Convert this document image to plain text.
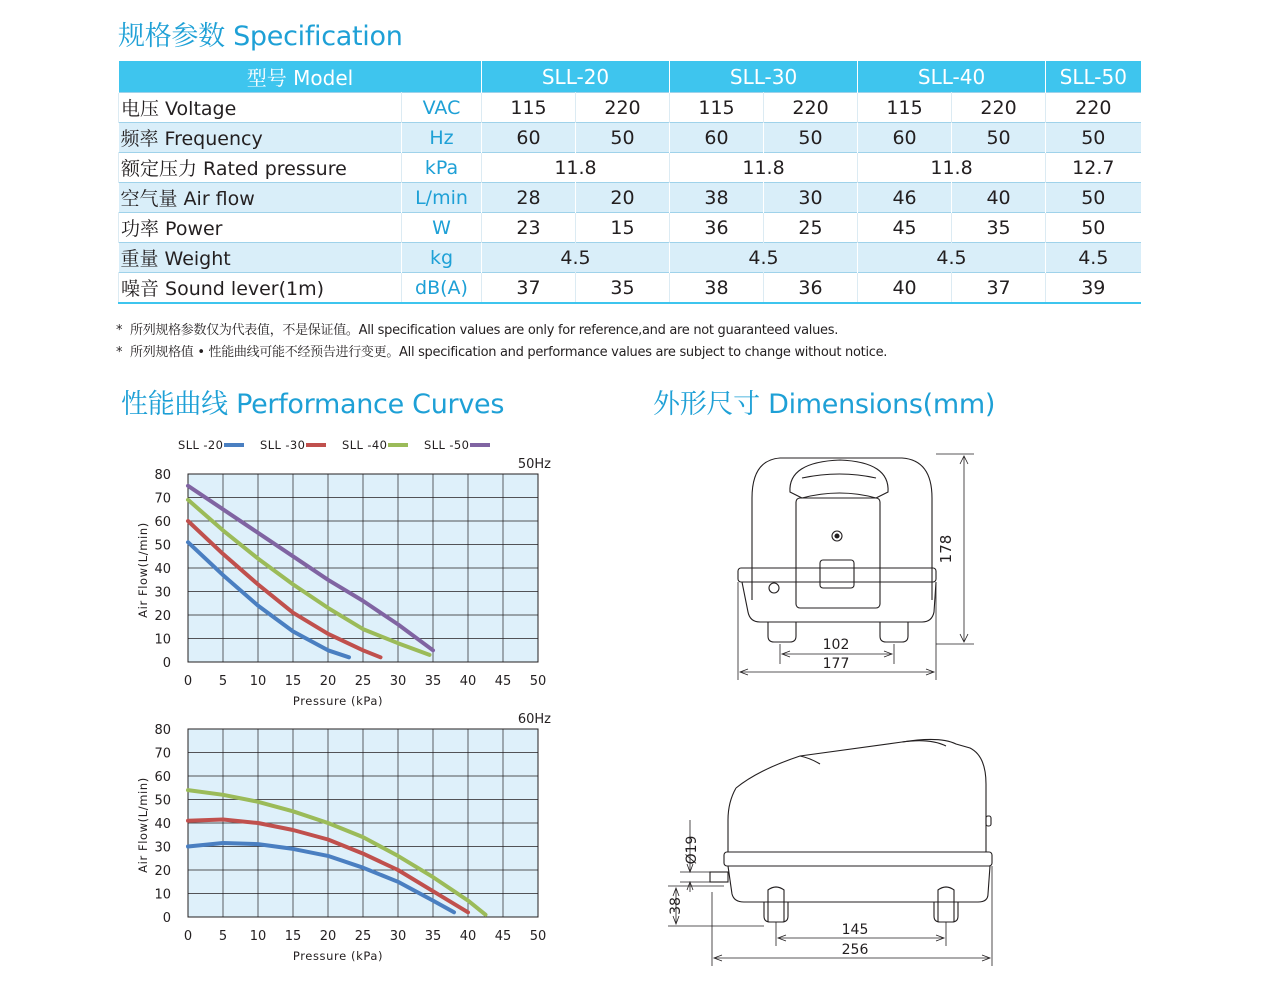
规格参数 Specification
型号 Model		SLL-20		SLL-30		SLL-40		SLL-50
电压 Voltage	VAC	115	220	115	220	115	220	220
频率 Frequency	Hz	60	50	60	50	60	50	50
额定压力 Rated pressure	kPa	11.8		11.8		11.8		12.7
空气量 Air flow	L/min	28	20	38	30	46	40	50
功率 Power	W	23	15	36	25	45	35	50
重量 Weight	kg	4.5		4.5		4.5		4.5
噪音 Sound lever(1m)	dB(A)	37	35	38	36	40	37	39
* 所列规格参数仅为代表值，不是保证值。All specification values are only for reference,and are not guaranteed values.
* 所列规格值 • 性能曲线可能不经预告进行变更。All specification and performance values are subject to change without notice.
性能曲线 Performance Curves	外形尺寸 Dimensions(mm)
0 5 10 15 20 25 30 35 40 45 50
0
10
20
30
40
50
60
70
80
Pressure (kPa)
Air Flow(L/min)
50Hz
SLL -20	SLL -30	SLL -40	SLL -50
0 5 10 15 20 25 30 35 40 45 50
0
10
20
30
40
50
60
70
80
Pressure (kPa)
Air Flow(L/min)
60Hz
178
102
177
Ø19
38
145
256
